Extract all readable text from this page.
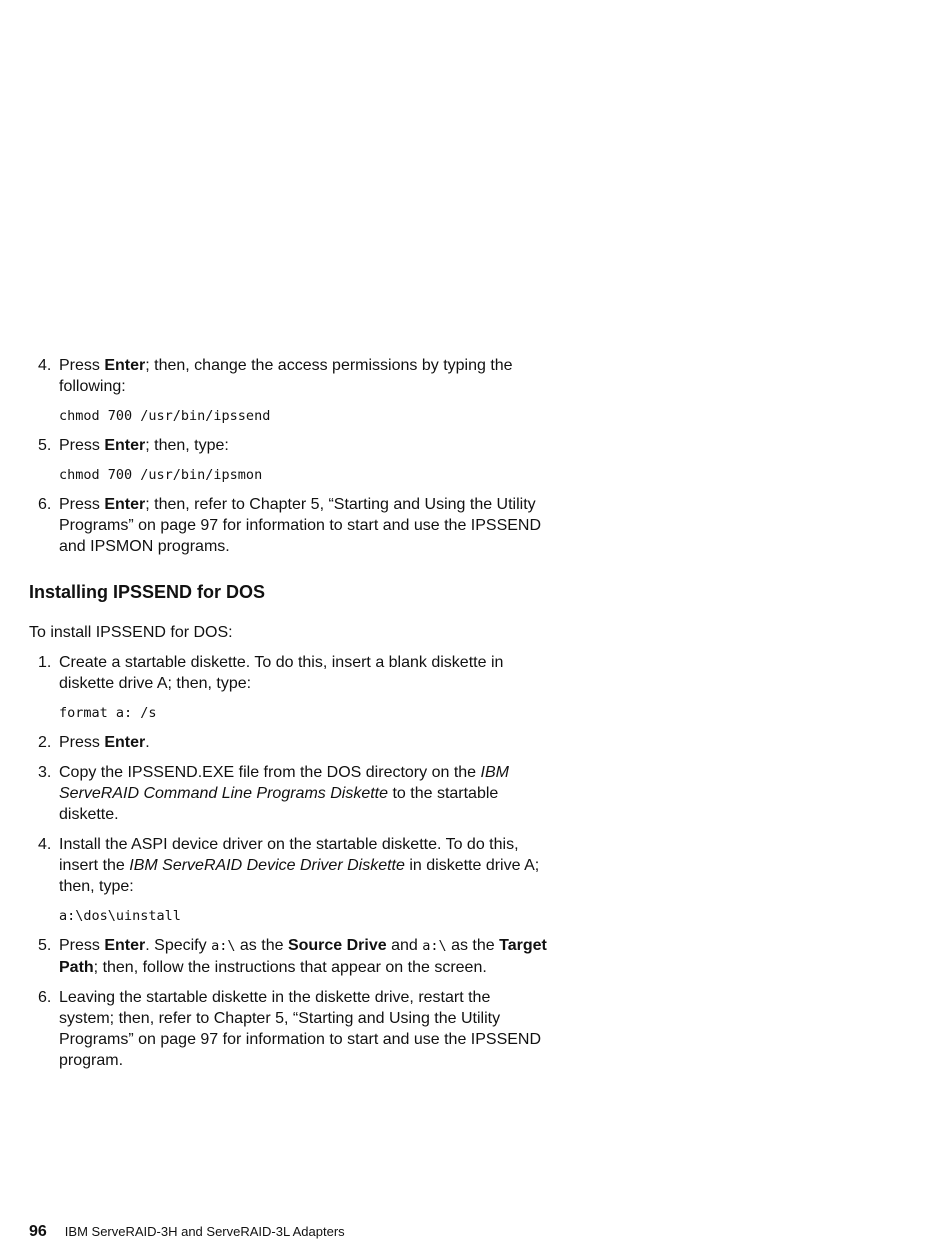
4. Press Enter; then, change the access permissions by typing the following:

chmod 700 /usr/bin/ipssend
5. Press Enter; then, type:

chmod 700 /usr/bin/ipsmon
6. Press Enter; then, refer to Chapter 5, “Starting and Using the Utility Programs” on page 97 for information to start and use the IPSSEND and IPSMON programs.

Installing IPSSEND for DOS

To install IPSSEND for DOS:

1. Create a startable diskette. To do this, insert a blank diskette in diskette drive A; then, type:

format a: /s
2. Press Enter.

3. Copy the IPSSEND.EXE file from the DOS directory on the IBM ServeRAID Command Line Programs Diskette to the startable diskette.

4. Install the ASPI device driver on the startable diskette. To do this, insert the IBM ServeRAID Device Driver Diskette in diskette drive A; then, type:

a:\dos\uinstall
5. Press Enter. Specify a:\ as the Source Drive and a:\ as the Target Path; then, follow the instructions that appear on the screen.

6. Leaving the startable diskette in the diskette drive, restart the system; then, refer to Chapter 5, “Starting and Using the Utility Programs” on page 97 for information to start and use the IPSSEND program.

96 IBM ServeRAID-3H and ServeRAID-3L Adapters
